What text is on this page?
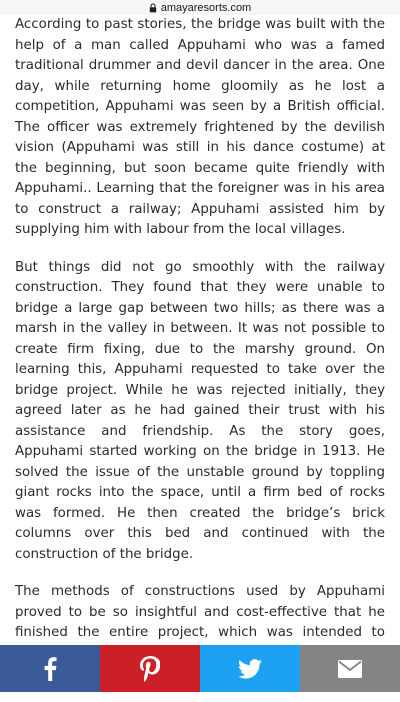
amayaresorts.com

According to past stories, the bridge was built with the help of a man called Appuhami who was a famed traditional drummer and devil dancer in the area. One day, while returning home gloomily as he lost a competition, Appuhami was seen by a British official. The officer was extremely frightened by the devilish vision (Appuhami was still in his dance costume) at the beginning, but soon became quite friendly with Appuhami.. Learning that the foreigner was in his area to construct a railway; Appuhami assisted him by supplying him with labour from the local villages.

But things did not go smoothly with the railway construction. They found that they were unable to bridge a large gap between two hills; as there was a marsh in the valley in between. It was not possible to create firm fixing, due to the marshy ground. On learning this, Appuhami requested to take over the bridge project. While he was rejected initially, they agreed later as he had gained their trust with his assistance and friendship. As the story goes, Appuhami started working on the bridge in 1913. He solved the issue of the unstable ground by toppling giant rocks into the space, until a firm bed of rocks was formed. He then created the bridge’s brick columns over this bed and continued with the construction of the bridge.

The methods of constructions used by Appuhami proved to be so insightful and cost-effective that he finished the entire project, which was intended to
